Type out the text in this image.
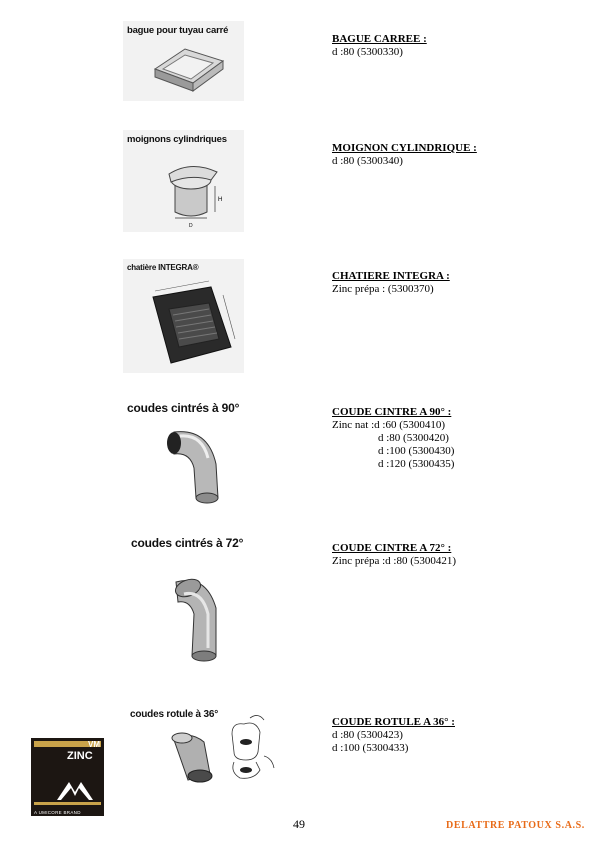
bague pour tuyau carré
BAGUE CARREE :
d :80 (5300330)
moignons cylindriques
H
D
MOIGNON CYLINDRIQUE :
d :80 (5300340)
chatière INTEGRA®
CHATIERE INTEGRA :
Zinc prépa : (5300370)
coudes cintrés à 90°	COUDE CINTRE A 90° :
Zinc nat :d :60 (5300410)
d :80 (5300420)
d :100 (5300430)
d :120 (5300435)
coudes cintrés à 72°	COUDE CINTRE A 72° :
Zinc prépa :d :80 (5300421)
coudes rotule à 36°
COUDE ROTULE A 36° :
d :80 (5300423)
d :100 (5300433)
VM
ZINC
A UMICORE BRAND
49	DELATTRE PATOUX S.A.S.
